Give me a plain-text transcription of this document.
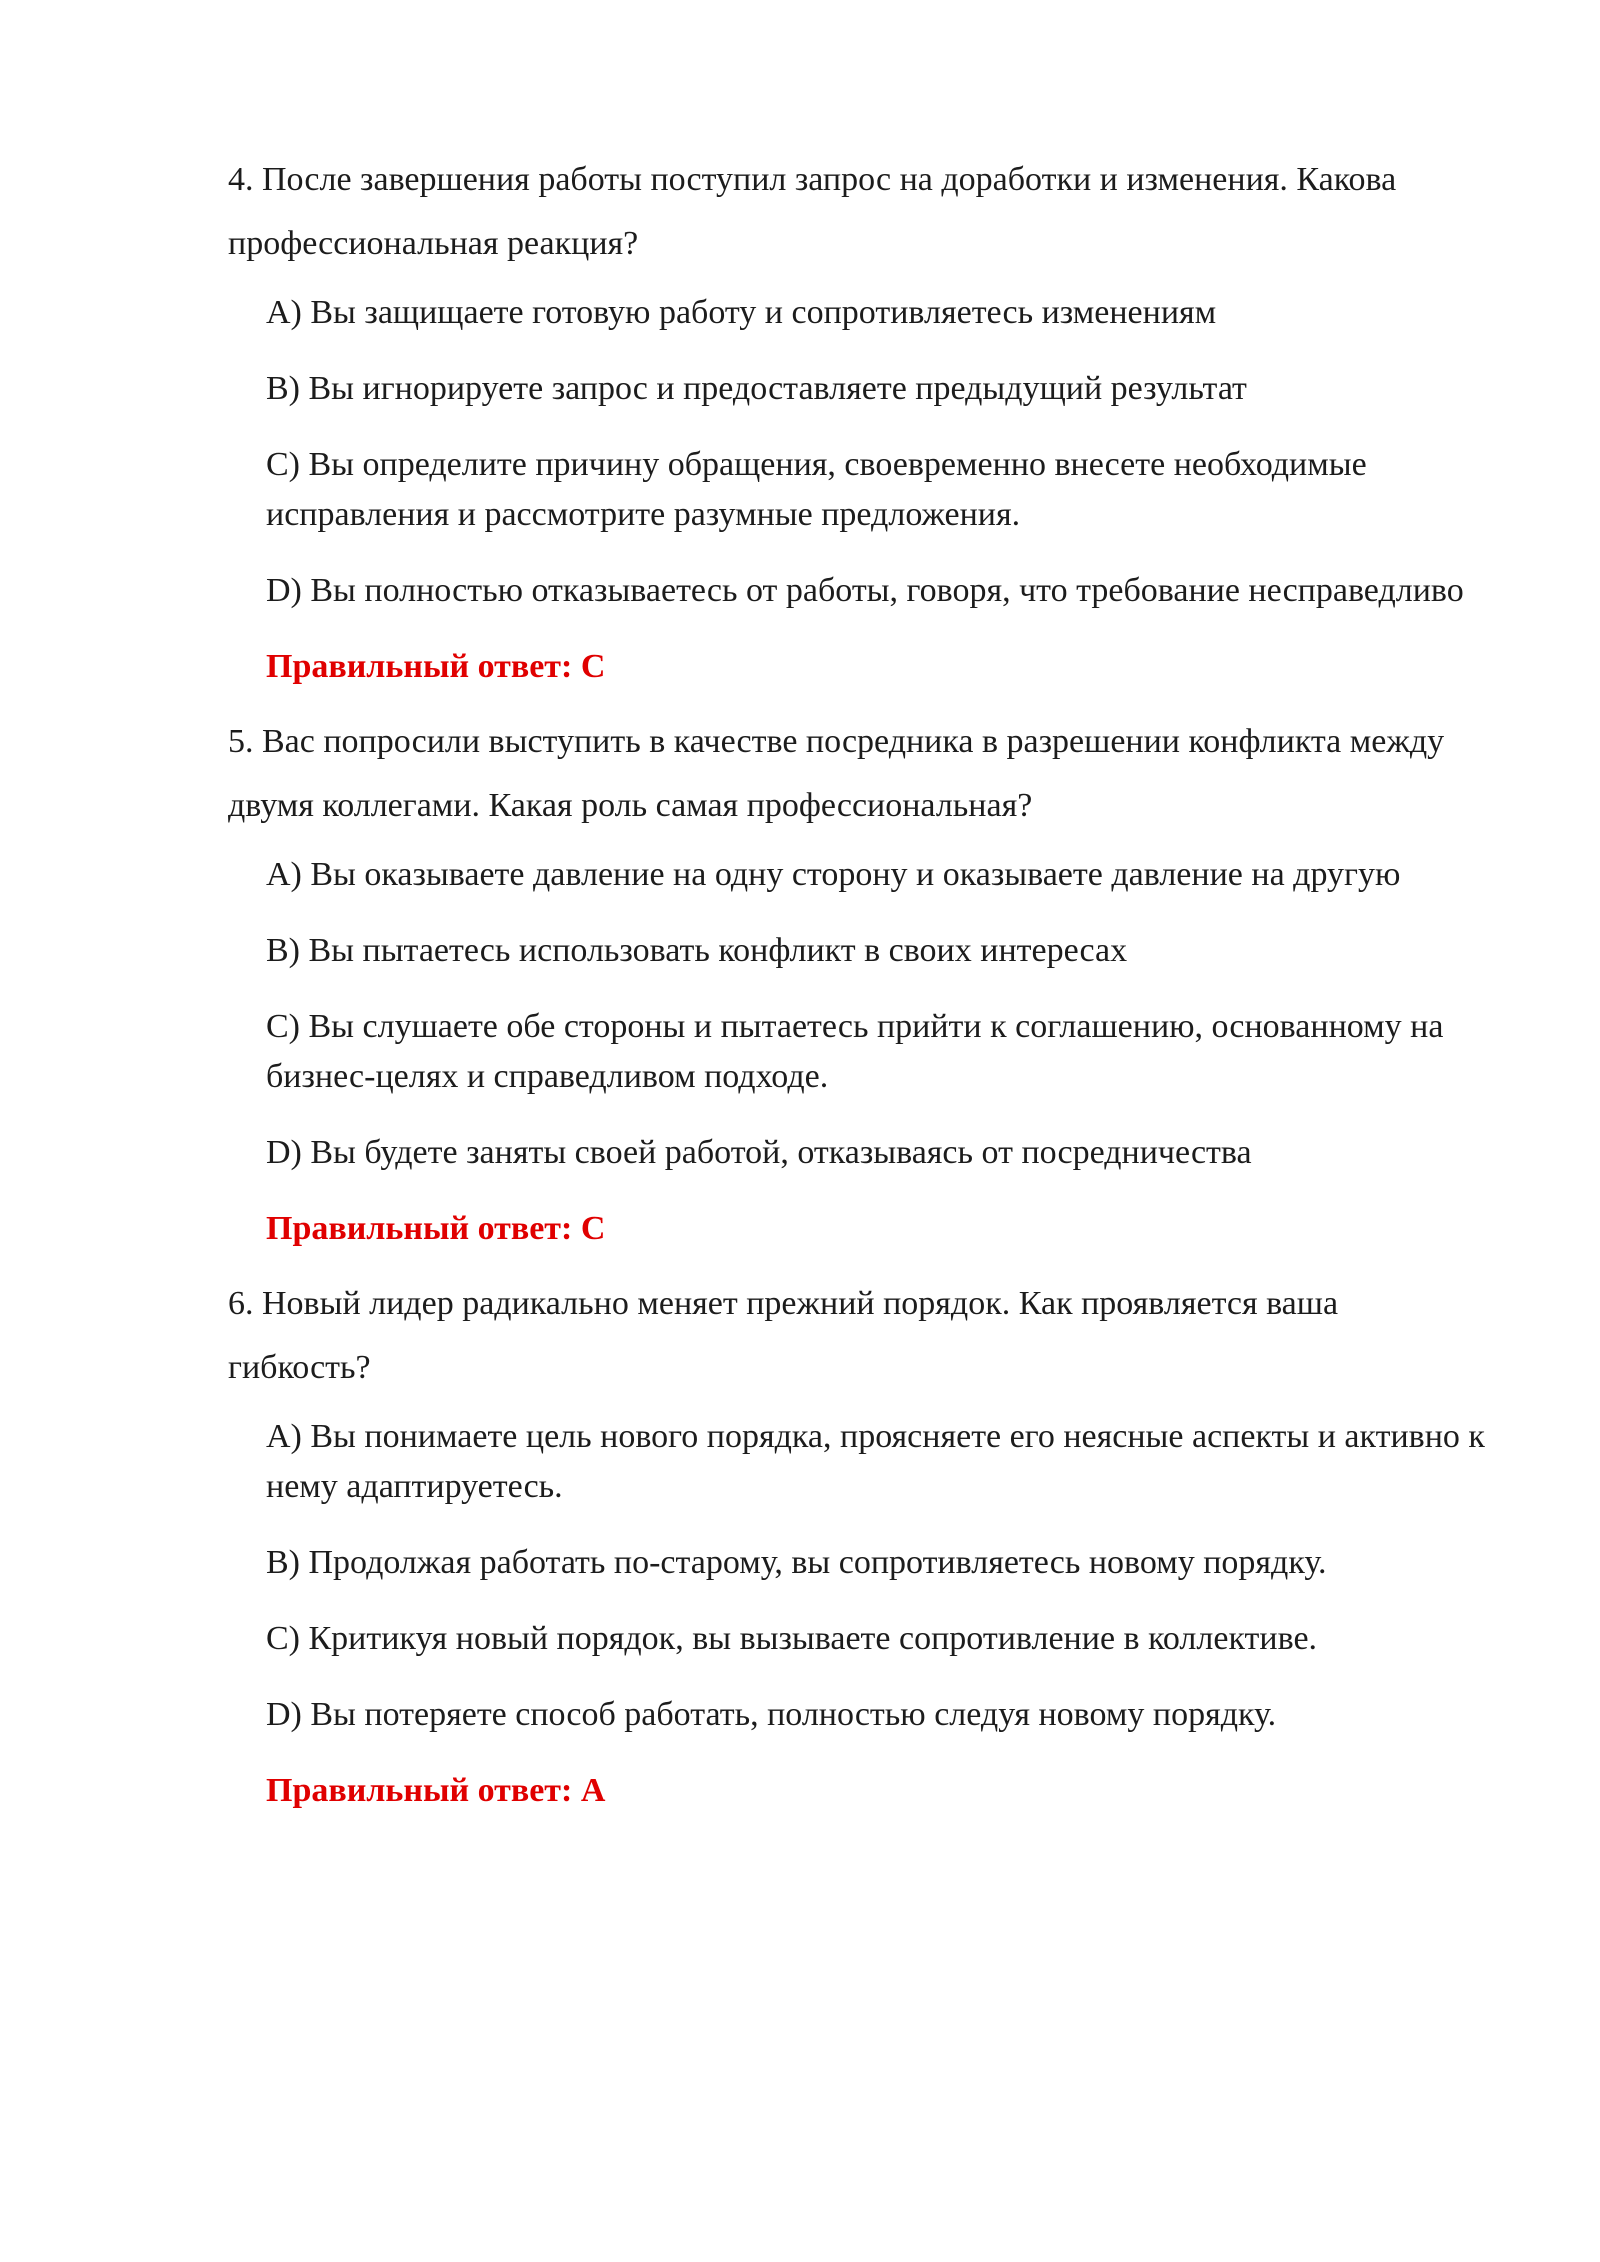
4. После завершения работы поступил запрос на доработки и изменения. Какова профессиональная реакция?

A) Вы защищаете готовую работу и сопротивляетесь изменениям
B) Вы игнорируете запрос и предоставляете предыдущий результат
C) Вы определите причину обращения, своевременно внесете необходимые исправления и рассмотрите разумные предложения.
D) Вы полностью отказываетесь от работы, говоря, что требование несправедливо

Правильный ответ: C

5. Вас попросили выступить в качестве посредника в разрешении конфликта между двумя коллегами. Какая роль самая профессиональная?

A) Вы оказываете давление на одну сторону и оказываете давление на другую
B) Вы пытаетесь использовать конфликт в своих интересах
C) Вы слушаете обе стороны и пытаетесь прийти к соглашению, основанному на бизнес-целях и справедливом подходе.
D) Вы будете заняты своей работой, отказываясь от посредничества

Правильный ответ: C

6. Новый лидер радикально меняет прежний порядок. Как проявляется ваша гибкость?

A) Вы понимаете цель нового порядка, проясняете его неясные аспекты и активно к нему адаптируетесь.
B) Продолжая работать по-старому, вы сопротивляетесь новому порядку.
C) Критикуя новый порядок, вы вызываете сопротивление в коллективе.
D) Вы потеряете способ работать, полностью следуя новому порядку.

Правильный ответ: A
